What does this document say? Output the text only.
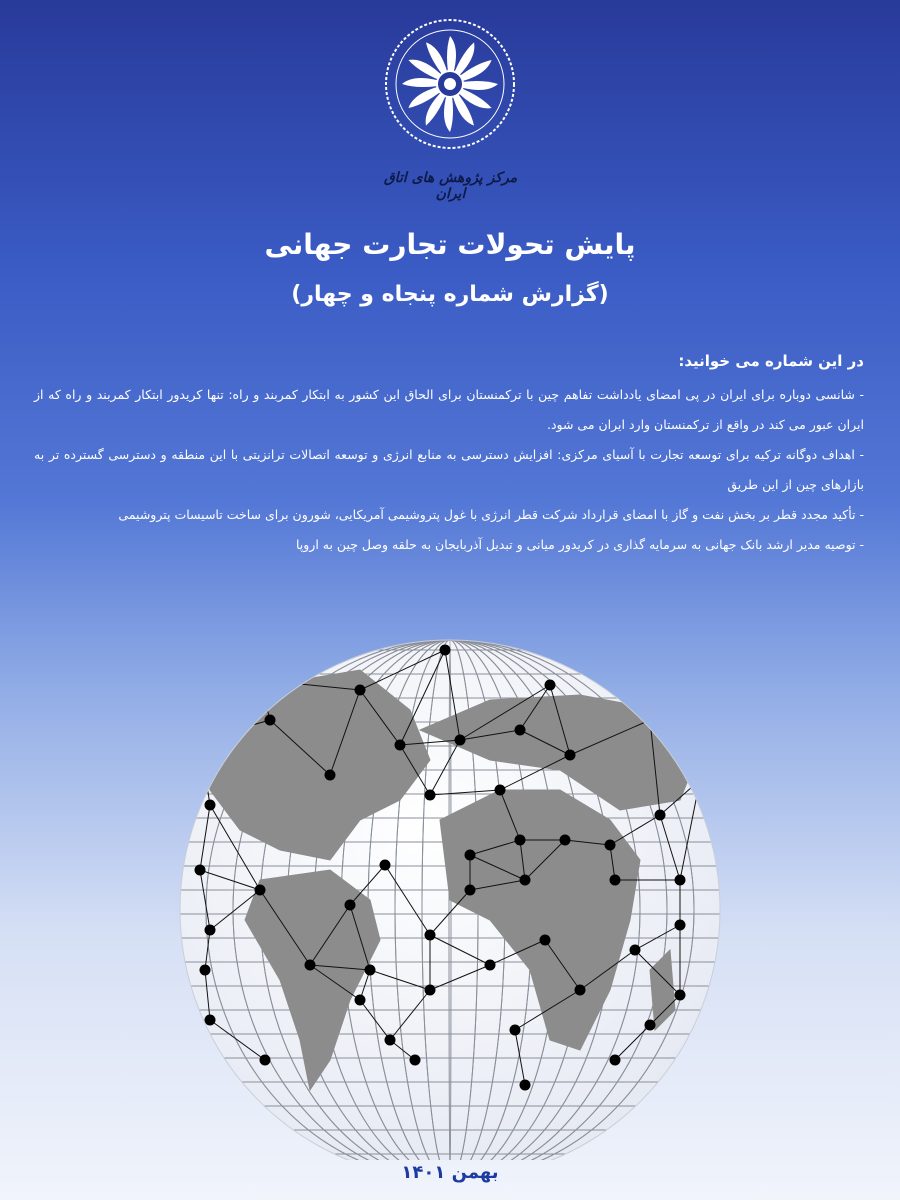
مرکز پژوهش های اتاق ایران
پایش تحولات تجارت جهانی
(گزارش شماره پنجاه و چهار)
در این شماره می خوانید:
- شانسی دوباره برای ایران در پی امضای یادداشت تفاهم چین با ترکمنستان برای الحاق این کشور به ابتکار کمربند و راه: تنها کریدور ابتکار کمربند و راه که از ایران عبور می کند در واقع از ترکمنستان وارد ایران می شود.
- اهداف دوگانه ترکیه برای توسعه تجارت با آسیای مرکزی: افزایش دسترسی به منابع انرژی و توسعه اتصالات ترانزیتی با این منطقه و دسترسی گسترده تر به بازارهای چین از این طریق
- تأکید مجدد قطر بر بخش نفت و گاز با امضای قرارداد شرکت قطر انرژی با غول پتروشیمی آمریکایی، شورون برای ساخت تاسیسات پتروشیمی
- توصیه مدیر ارشد بانک جهانی به سرمایه گذاری در کریدور میانی و تبدیل آذربایجان به حلقه وصل چین به اروپا
بهمن ۱۴۰۱
